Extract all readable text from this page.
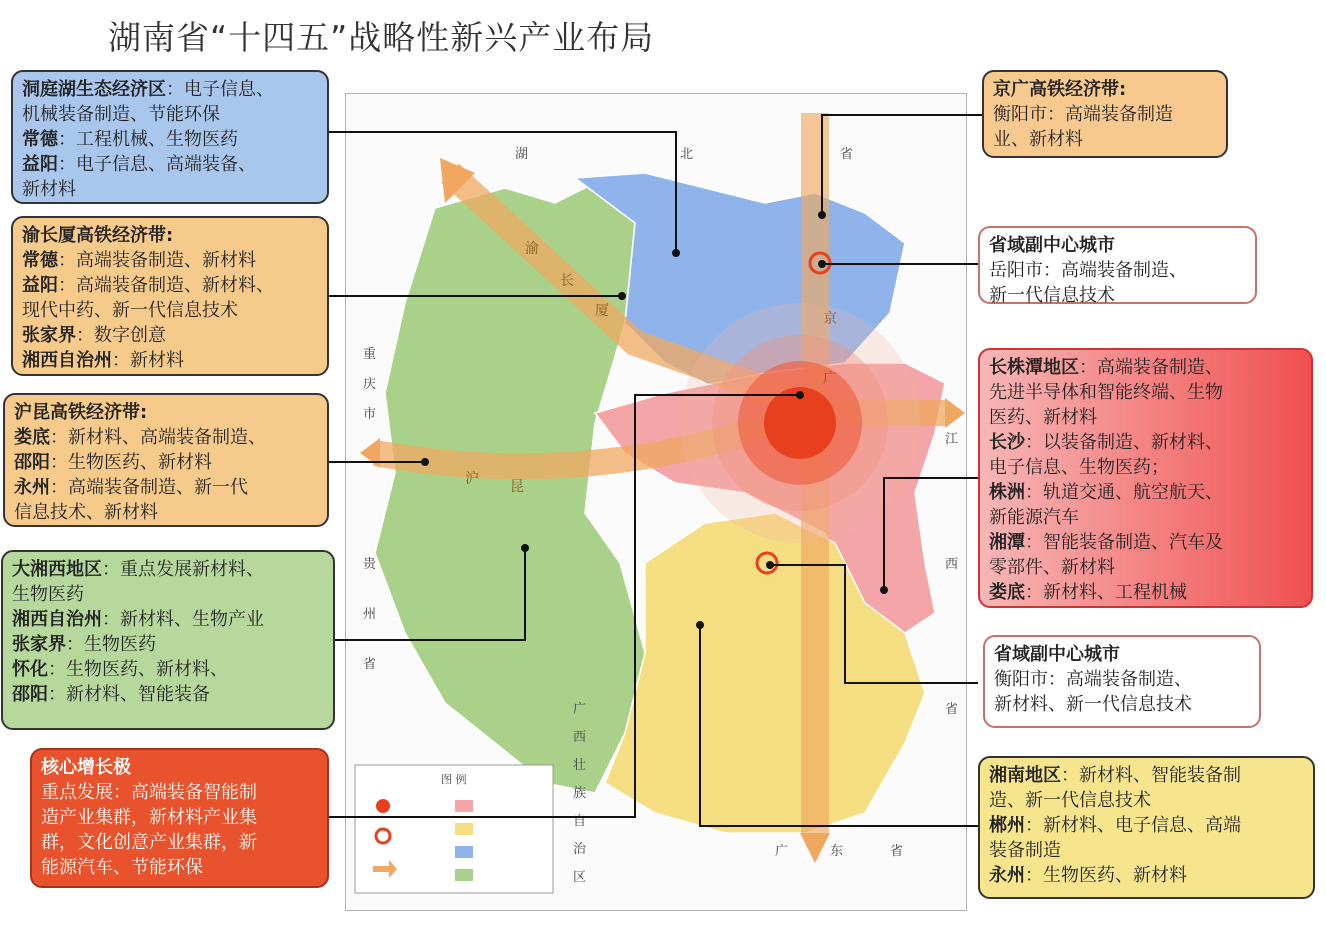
湖南省“十四五”战略性新兴产业布局
湖	北	省
重
庆
市
贵
州
省
江
西
省
广
西
壮
族
自
治
区
广	东	省
京
广
沪 昆
渝
长
厦
图 例
洞庭湖生态经济区：电子信息、
机械装备制造、节能环保
常德：工程机械、生物医药
益阳：电子信息、高端装备、
新材料
渝长厦高铁经济带:
常德：高端装备制造、新材料
益阳：高端装备制造、新材料、
现代中药、新一代信息技术
张家界：数字创意
湘西自治州：新材料
沪昆高铁经济带:
娄底：新材料、高端装备制造、
邵阳：生物医药、新材料
永州：高端装备制造、新一代
信息技术、新材料
大湘西地区：重点发展新材料、
生物医药
湘西自治州：新材料、生物产业
张家界：生物医药
怀化：生物医药、新材料、
邵阳：新材料、智能装备
核心增长极
重点发展：高端装备智能制
造产业集群，新材料产业集
群，文化创意产业集群，新
能源汽车、节能环保
京广高铁经济带:
衡阳市：高端装备制造
业、新材料
省域副中心城市
岳阳市：高端装备制造、
新一代信息技术
长株潭地区：高端装备制造、
先进半导体和智能终端、生物
医药、新材料
长沙：以装备制造、新材料、
电子信息、生物医药；
株洲：轨道交通、航空航天、
新能源汽车
湘潭：智能装备制造、汽车及
零部件、新材料
娄底：新材料、工程机械
省域副中心城市
衡阳市：高端装备制造、
新材料、新一代信息技术
湘南地区：新材料、智能装备制
造、新一代信息技术
郴州：新材料、电子信息、高端
装备制造
永州：生物医药、新材料
